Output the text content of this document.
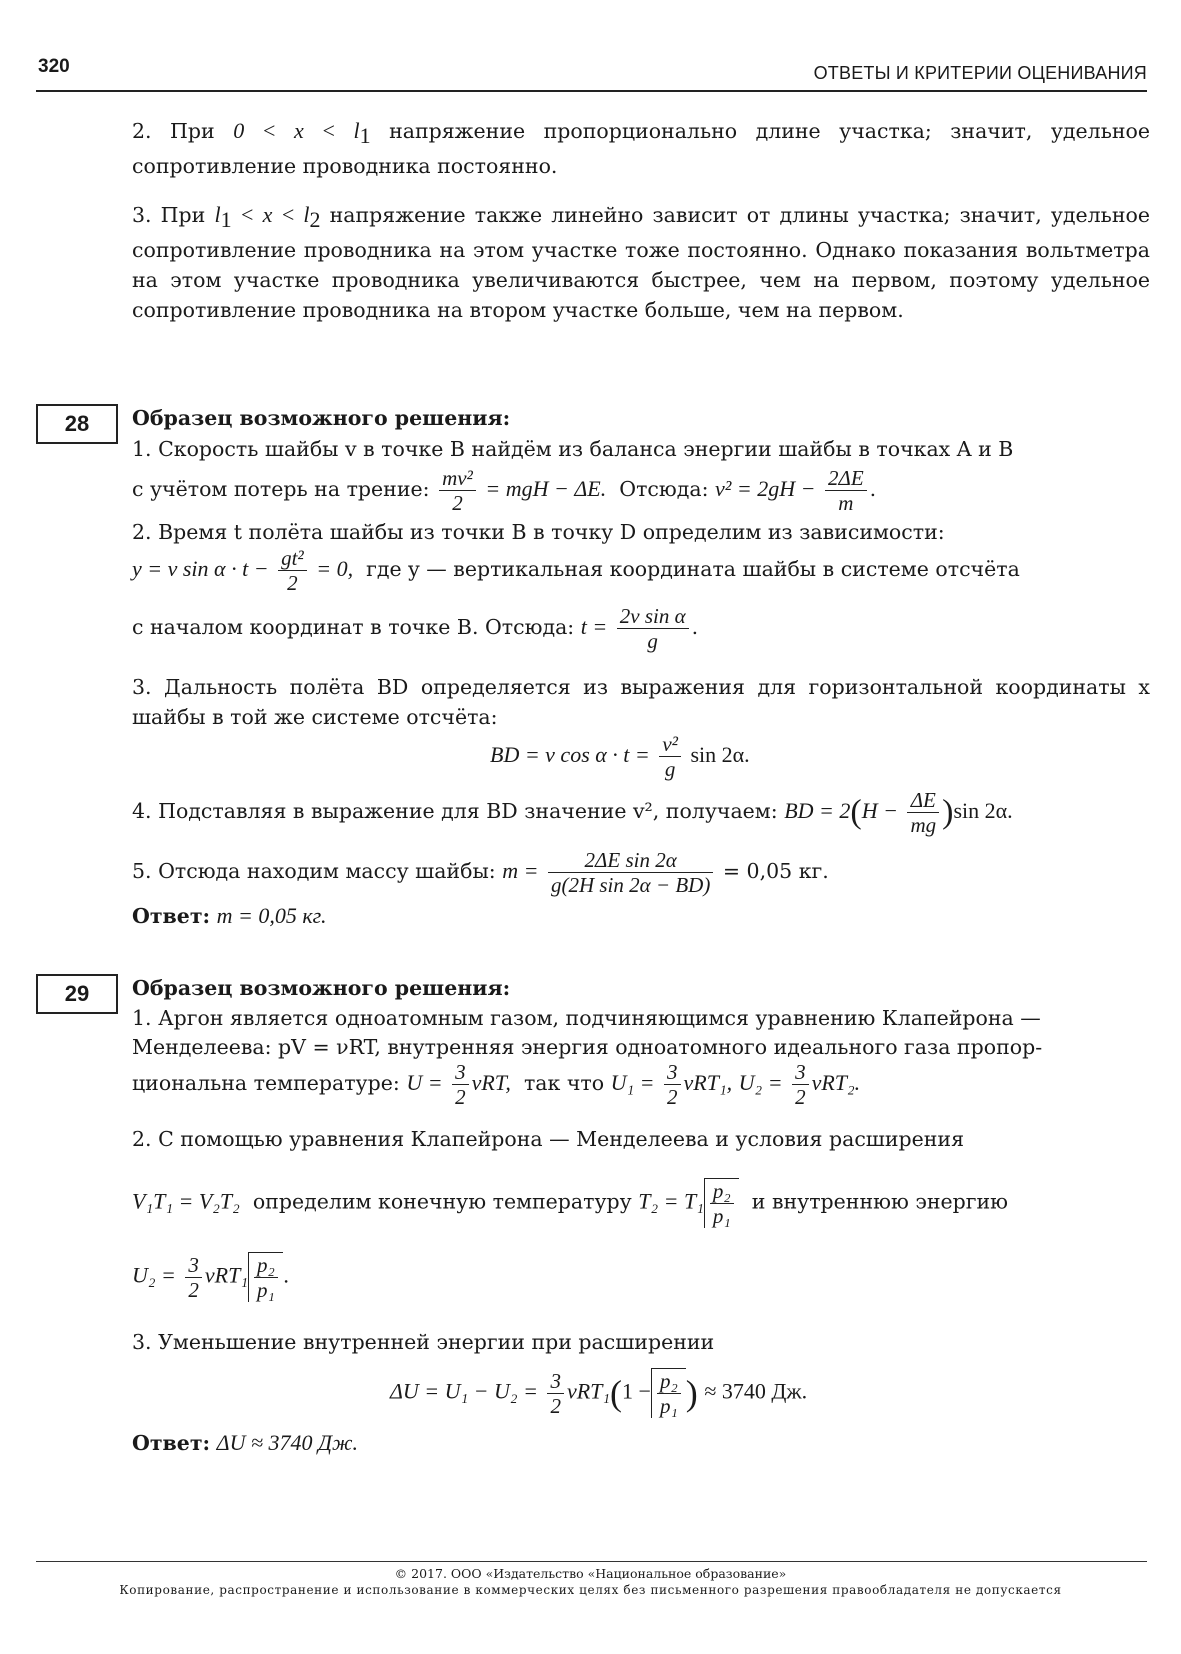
320	ОТВЕТЫ И КРИТЕРИИ ОЦЕНИВАНИЯ
2. При $0 < x < l_1$ напряжение пропорционально длине участка; значит, удельное сопротивление проводника постоянно.
3. При $l_1 < x < l_2$ напряжение также линейно зависит от длины участка; значит, удельное сопротивление проводника на этом участке тоже постоянно. Однако показания вольтметра на этом участке проводника увеличиваются быстрее, чем на первом, поэтому удельное сопротивление проводника на втором участке больше, чем на первом.
28	Образец возможного решения:
1. Скорость шайбы v в точке B найдём из баланса энергии шайбы в точках A и B
с учётом потерь на трение: $\frac{\text{mv²}}{2}$ = mgH − ΔE. Отсюда: $v^2 = 2gH - \frac{2\Delta E}{m}$ .
2. Время t полёта шайбы из точки B в точку D определим из зависимости:
y = v $\sin \alpha \cdot t - \frac{\text{gt²}}{2} = 0$, где y — вертикальная координата шайбы в системе отсчёта
с началом координат в точке B. Отсюда: $t = \frac{\text{2v sin α}}{g}$ .
3. Дальность полёта BD определяется из выражения для горизонтальной координаты x шайбы в той же системе отсчёта:
BD = v $\cos \alpha \cdot t = \frac{\text{v²}}{g}$ sin 2α.
4. Подставляя в выражение для BD значение v², получаем: BD = $2(H - \frac{\Delta E}{mg} )\sin$ 2α.
5. Отсюда находим массу шайбы: $m = \frac{\text{2ΔE sin 2α}}{\text{g(2H sin 2α − BD)}} = 0,05$ кг.
Ответ: m = 0,05 кг.
29	Образец возможного решения:
1. Аргон является одноатомным газом, подчиняющимся уравнению Клапейрона —
Менделеева: pV = νRT, внутренняя энергия одноатомного идеального газа пропор-
циональна температуре: $U = \frac{3}{2} \nu RT$, так что $U_1 = \frac{3}{2} \nu RT_1$, $U_2 = \frac{3}{2} \nu RT_2$.
2. С помощью уравнения Клапейрона — Менделеева и условия расширения
V₁T₁ = V₂T₂ определим конечную температуру $T_2 = T_1 \frac{\text{p₂}}{\text{p₁}}$ и внутреннюю энергию
$U_2 = \frac{3}{2} \nu RT_1 \frac{\text{p₂}}{\text{p₁}}$ .
3. Уменьшение внутренней энергии при расширении
$\Delta U = U_1 - U_2 = \frac{3}{2} \nu RT_1(1 - \frac{\text{p₂}}{\text{p₁}}$ ) ≈ 3740 Дж.
Ответ: ΔU ≈ 3740 Дж.
© 2017. ООО «Издательство «Национальное образование»
Копирование, распространение и использование в коммерческих целях без письменного разрешения правообладателя не допускается
